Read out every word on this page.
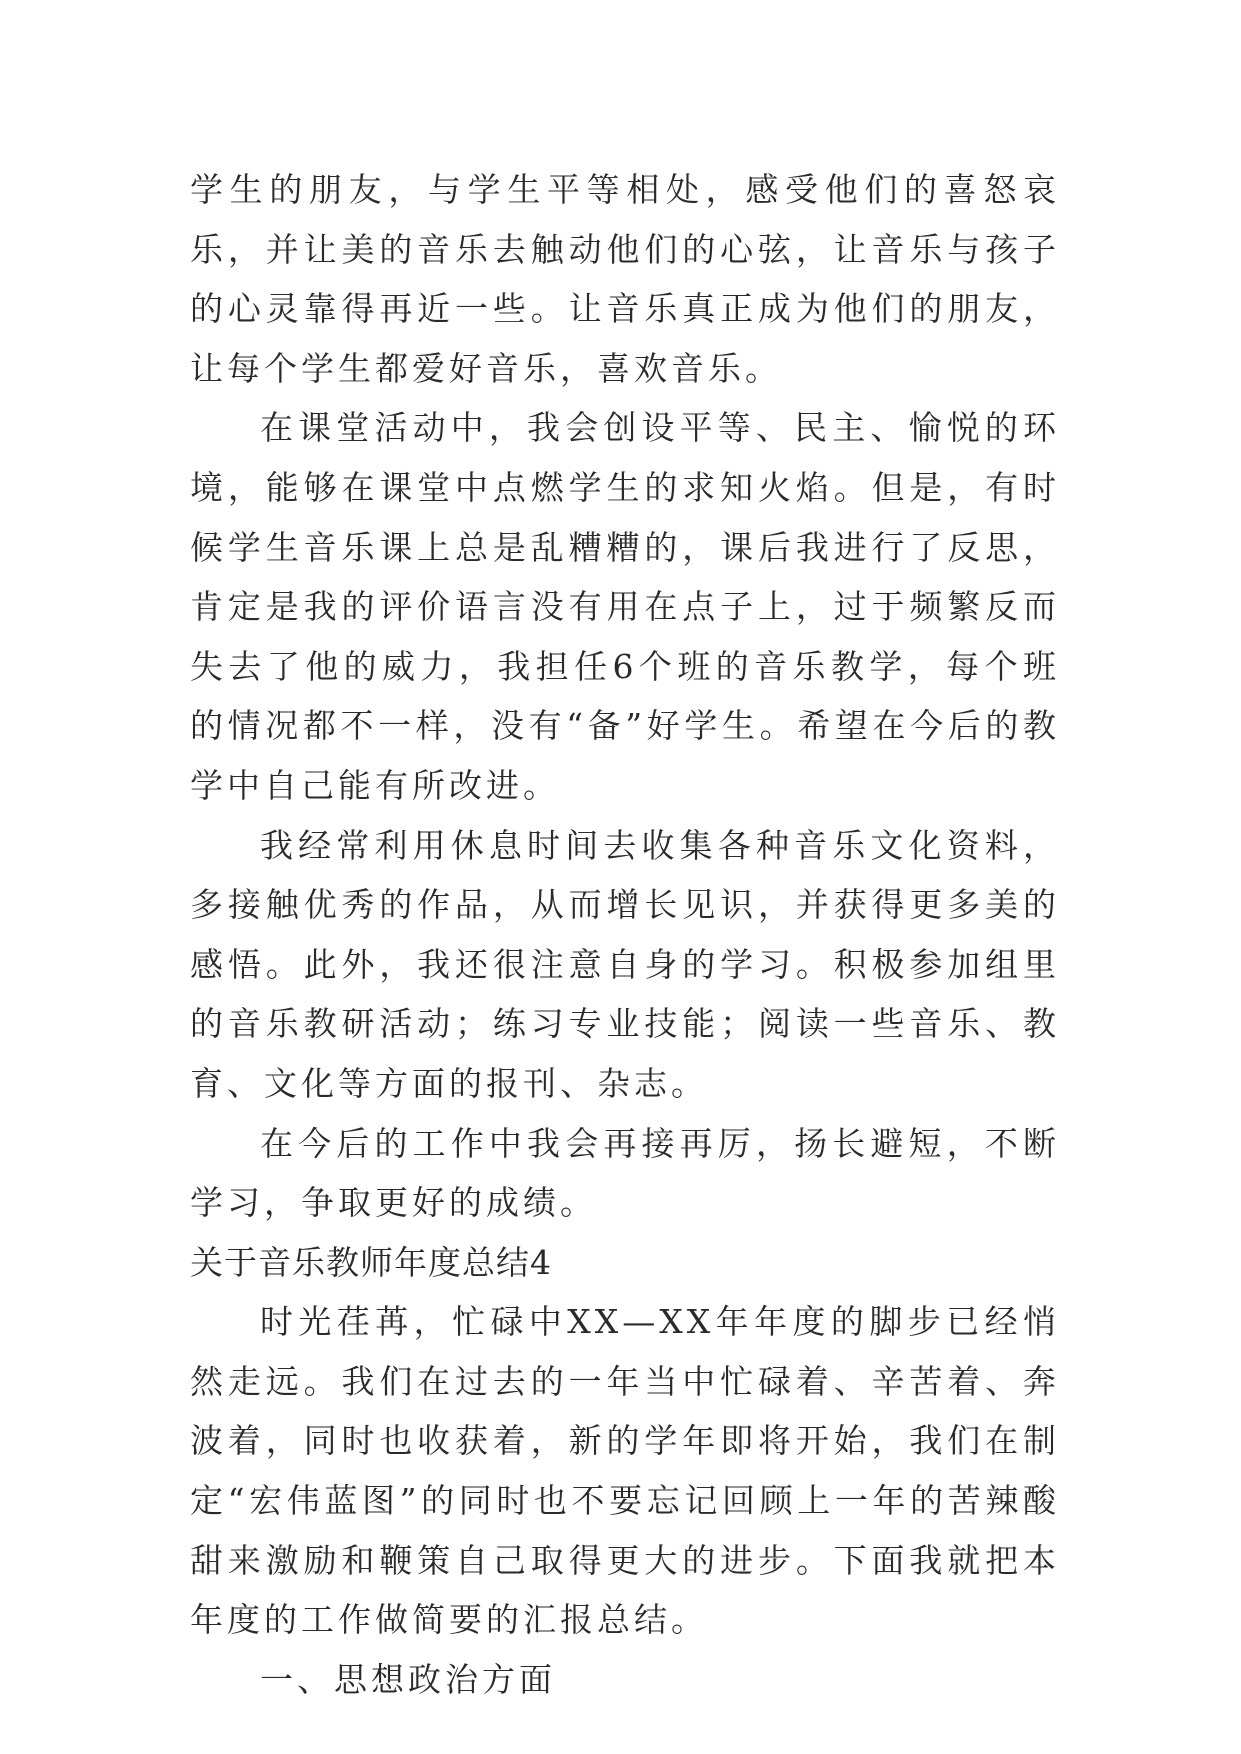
学生的朋友，与学生平等相处，感受他们的喜怒哀乐，并让美的音乐去触动他们的心弦，让音乐与孩子的心灵靠得再近一些。让音乐真正成为他们的朋友，让每个学生都爱好音乐，喜欢音乐。

在课堂活动中，我会创设平等、民主、愉悦的环境，能够在课堂中点燃学生的求知火焰。但是，有时候学生音乐课上总是乱糟糟的，课后我进行了反思，肯定是我的评价语言没有用在点子上，过于频繁反而失去了他的威力，我担任6个班的音乐教学，每个班的情况都不一样，没有“备”好学生。希望在今后的教学中自己能有所改进。

我经常利用休息时间去收集各种音乐文化资料，多接触优秀的作品，从而增长见识，并获得更多美的感悟。此外，我还很注意自身的学习。积极参加组里的音乐教研活动；练习专业技能；阅读一些音乐、教育、文化等方面的报刊、杂志。

在今后的工作中我会再接再厉，扬长避短，不断学习，争取更好的成绩。

关于音乐教师年度总结4

时光荏苒，忙碌中XX—XX年年度的脚步已经悄然走远。我们在过去的一年当中忙碌着、辛苦着、奔波着，同时也收获着，新的学年即将开始，我们在制定“宏伟蓝图”的同时也不要忘记回顾上一年的苦辣酸甜来激励和鞭策自己取得更大的进步。下面我就把本年度的工作做简要的汇报总结。

一、思想政治方面
